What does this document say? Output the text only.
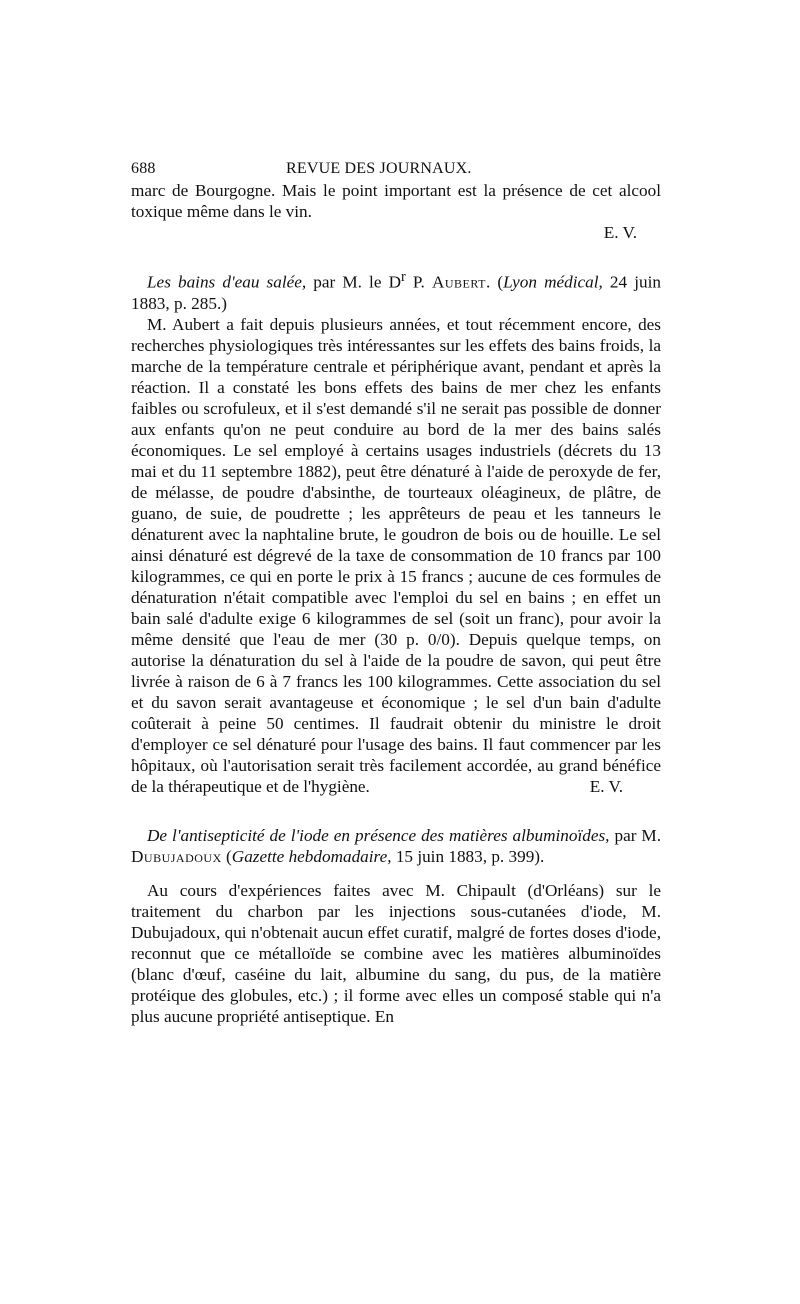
688	REVUE DES JOURNAUX.

marc de Bourgogne. Mais le point important est la présence de cet alcool toxique même dans le vin.

E. V.

Les bains d'eau salée, par M. le $D^r$ P. Aubert. (Lyon médical, 24 juin 1883, p. 285.)

M. Aubert a fait depuis plusieurs années, et tout récemment encore, des recherches physiologiques très intéressantes sur les effets des bains froids, la marche de la température centrale et périphérique avant, pendant et après la réaction. Il a constaté les bons effets des bains de mer chez les enfants faibles ou scrofuleux, et il s'est demandé s'il ne serait pas possible de donner aux enfants qu'on ne peut conduire au bord de la mer des bains salés économiques. Le sel employé à certains usages industriels (décrets du 13 mai et du 11 septembre 1882), peut être dénaturé à l'aide de peroxyde de fer, de mélasse, de poudre d'absinthe, de tourteaux oléagineux, de plâtre, de guano, de suie, de poudrette ; les apprêteurs de peau et les tanneurs le dénaturent avec la naphtaline brute, le goudron de bois ou de houille. Le sel ainsi dénaturé est dégrevé de la taxe de consommation de 10 francs par 100 kilogrammes, ce qui en porte le prix à 15 francs ; aucune de ces formules de dénaturation n'était compatible avec l'emploi du sel en bains ; en effet un bain salé d'adulte exige 6 kilogrammes de sel (soit un franc), pour avoir la même densité que l'eau de mer (30 p. 0/0). Depuis quelque temps, on autorise la dénaturation du sel à l'aide de la poudre de savon, qui peut être livrée à raison de 6 à 7 francs les 100 kilogrammes. Cette association du sel et du savon serait avantageuse et économique ; le sel d'un bain d'adulte coûterait à peine 50 centimes. Il faudrait obtenir du ministre le droit d'employer ce sel dénaturé pour l'usage des bains. Il faut commencer par les hôpitaux, où l'autorisation serait très facilement accordée, au grand bénéfice de la thérapeutique et de l'hygiène.	E. V.

De l'antisepticité de l'iode en présence des matières albuminoïdes, par M. Dubujadoux (Gazette hebdomadaire, 15 juin 1883, p. 399).

Au cours d'expériences faites avec M. Chipault (d'Orléans) sur le traitement du charbon par les injections sous-cutanées d'iode, M. Dubujadoux, qui n'obtenait aucun effet curatif, malgré de fortes doses d'iode, reconnut que ce métalloïde se combine avec les matières albuminoïdes (blanc d'œuf, caséine du lait, albumine du sang, du pus, de la matière protéique des globules, etc.) ; il forme avec elles un composé stable qui n'a plus aucune propriété antiseptique. En
